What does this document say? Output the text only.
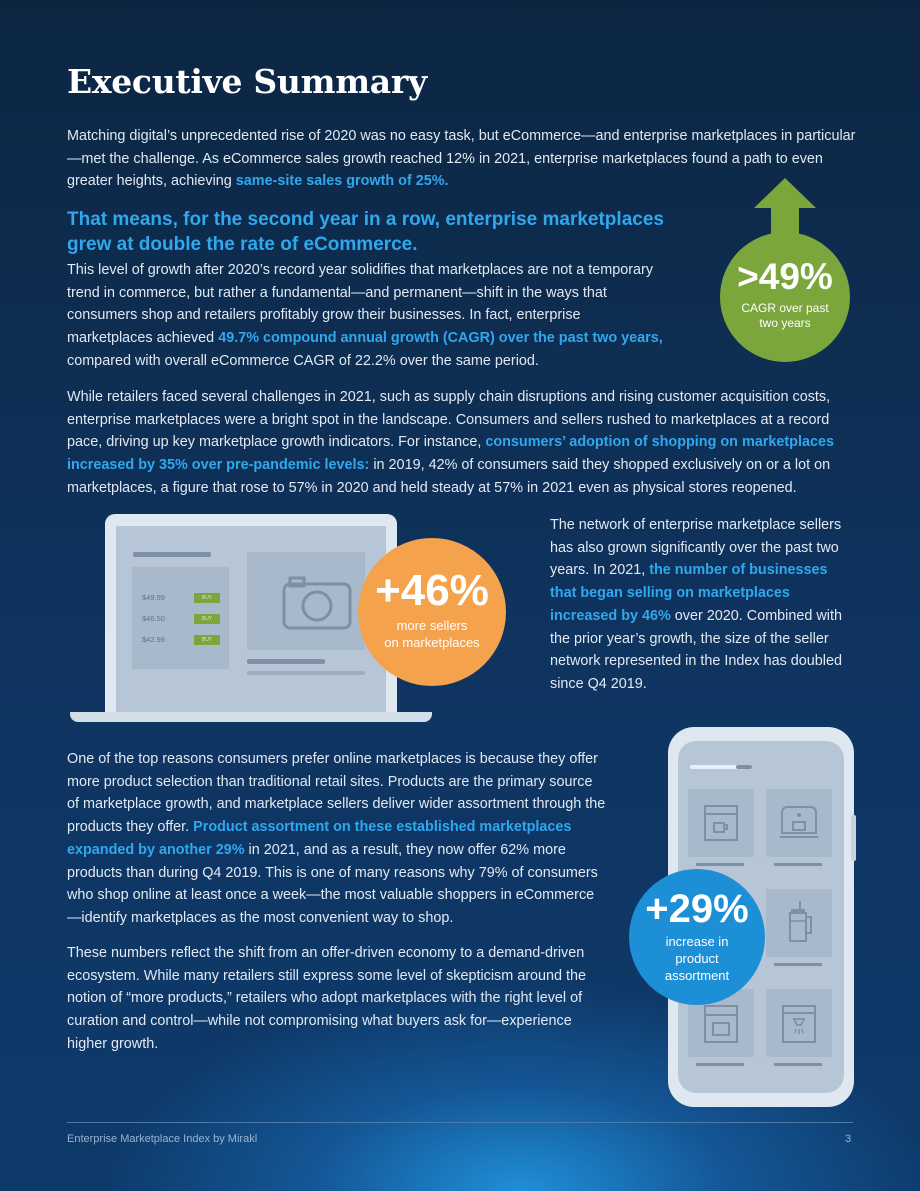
Executive Summary

Matching digital’s unprecedented rise of 2020 was no easy task, but eCommerce—and enterprise marketplaces in particular—met the challenge. As eCommerce sales growth reached 12% in 2021, enterprise marketplaces found a path to even greater heights, achieving same-site sales growth of 25%.

That means, for the second year in a row, enterprise marketplaces grew at double the rate of eCommerce.

This level of growth after 2020’s record year solidifies that marketplaces are not a temporary trend in commerce, but rather a fundamental—and permanent—shift in the ways that consumers shop and retailers profitably grow their businesses. In fact, enterprise marketplaces achieved 49.7% compound annual growth (CAGR) over the past two years, compared with overall eCommerce CAGR of 22.2% over the same period.

>49%
CAGR over past two years

While retailers faced several challenges in 2021, such as supply chain disruptions and rising customer acquisition costs, enterprise marketplaces were a bright spot in the landscape. Consumers and sellers rushed to marketplaces at a record pace, driving up key marketplace growth indicators. For instance, consumers’ adoption of shopping on marketplaces increased by 35% over pre-pandemic levels: in 2019, 42% of consumers said they shopped exclusively on or a lot on marketplaces, a figure that rose to 57% in 2020 and held steady at 57% in 2021 even as physical stores reopened.

$49.99	BUY
$46.50	BUY
$42.99	BUY
+46%
more sellers
on marketplaces

The network of enterprise marketplace sellers has also grown significantly over the past two years. In 2021, the number of businesses that began selling on marketplaces increased by 46% over 2020. Combined with the prior year’s growth, the size of the seller network represented in the Index has doubled since Q4 2019.

One of the top reasons consumers prefer online marketplaces is because they offer more product selection than traditional retail sites. Products are the primary source of marketplace growth, and marketplace sellers deliver wider assortment through the products they offer. Product assortment on these established marketplaces expanded by another 29% in 2021, and as a result, they now offer 62% more products than during Q4 2019. This is one of many reasons why 79% of consumers who shop online at least once a week—the most valuable shoppers in eCommerce—identify marketplaces as the most convenient way to shop.

These numbers reflect the shift from an offer-driven economy to a demand-driven ecosystem. While many retailers still express some level of skepticism around the notion of “more products,” retailers who adopt marketplaces with the right level of curation and control—while not compromising what buyers ask for—experience higher growth.

+29%
increase in
product
assortment
Enterprise Marketplace Index by Mirakl	3
